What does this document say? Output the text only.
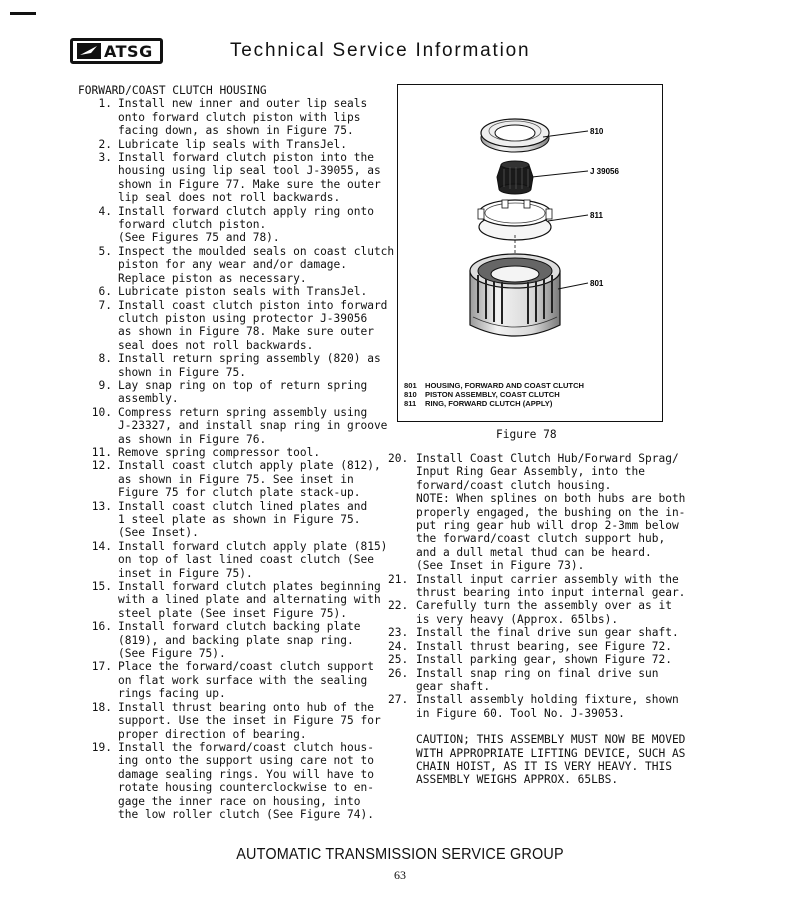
ATSG	Technical Service Information
FORWARD/COAST CLUTCH HOUSING
1. Install new inner and outer lip seals
onto forward clutch piston with lips
facing down, as shown in Figure 75.
2. Lubricate lip seals with TransJel.
3. Install forward clutch piston into the
housing using lip seal tool J-39055, as
shown in Figure 77. Make sure the outer
lip seal does not roll backwards.
4. Install forward clutch apply ring onto
forward clutch piston.
(See Figures 75 and 78).
5. Inspect the moulded seals on coast clutch
piston for any wear and/or damage.
Replace piston as necessary.
6. Lubricate piston seals with TransJel.
7. Install coast clutch piston into forward
clutch piston using protector J-39056
as shown in Figure 78. Make sure outer
seal does not roll backwards.
8. Install return spring assembly (820) as
shown in Figure 75.
9. Lay snap ring on top of return spring
assembly.
10. Compress return spring assembly using
J-23327, and install snap ring in groove
as shown in Figure 76.
11. Remove spring compressor tool.
12. Install coast clutch apply plate (812),
as shown in Figure 75. See inset in
Figure 75 for clutch plate stack-up.
13. Install coast clutch lined plates and
1 steel plate as shown in Figure 75.
(See Inset).
14. Install forward clutch apply plate (815)
on top of last lined coast clutch (See
inset in Figure 75).
15. Install forward clutch plates beginning
with a lined plate and alternating with
steel plate (See inset Figure 75).
16. Install forward clutch backing plate
(819), and backing plate snap ring.
(See Figure 75).
17. Place the forward/coast clutch support
on flat work surface with the sealing
rings facing up.
18. Install thrust bearing onto hub of the
support. Use the inset in Figure 75 for
proper direction of bearing.
19. Install the forward/coast clutch hous-
ing onto the support using care not to
damage sealing rings. You will have to
rotate housing counterclockwise to en-
gage the inner race on housing, into
the low roller clutch (See Figure 74).
810
J 39056
811
801
801	HOUSING, FORWARD AND COAST CLUTCH
810	PISTON ASSEMBLY, COAST CLUTCH
811	RING, FORWARD CLUTCH (APPLY)
Figure 78
20. Install Coast Clutch Hub/Forward Sprag/
Input Ring Gear Assembly, into the
forward/coast clutch housing.
NOTE: When splines on both hubs are both
properly engaged, the bushing on the in-
put ring gear hub will drop 2-3mm below
the forward/coast clutch support hub,
and a dull metal thud can be heard.
(See Inset in Figure 73).
21. Install input carrier assembly with the
thrust bearing into input internal gear.
22. Carefully turn the assembly over as it
is very heavy (Approx. 65lbs).
23. Install the final drive sun gear shaft.
24. Install thrust bearing, see Figure 72.
25. Install parking gear, shown Figure 72.
26. Install snap ring on final drive sun
gear shaft.
27. Install assembly holding fixture, shown
in Figure 60. Tool No. J-39053.
CAUTION; THIS ASSEMBLY MUST NOW BE MOVED
WITH APPROPRIATE LIFTING DEVICE, SUCH AS
CHAIN HOIST, AS IT IS VERY HEAVY. THIS
ASSEMBLY WEIGHS APPROX. 65LBS.
AUTOMATIC TRANSMISSION SERVICE GROUP
63
